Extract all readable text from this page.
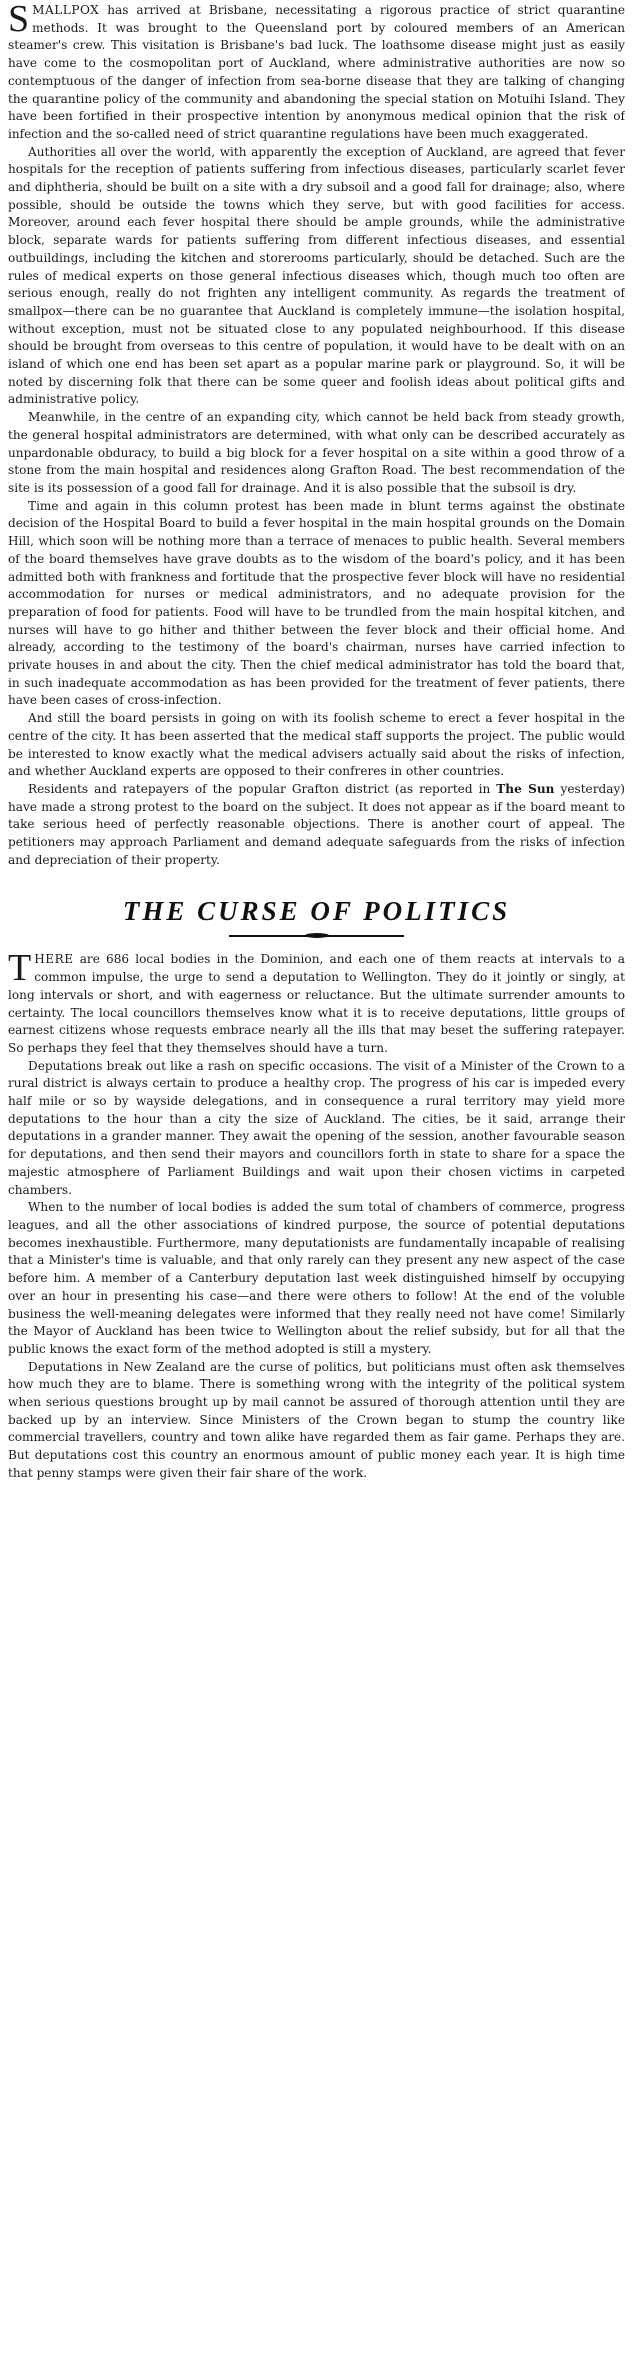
SMALLPOX has arrived at Brisbane, necessitating a rigorous practice of strict quarantine methods. It was brought to the Queensland port by coloured members of an American steamer's crew. This visitation is Brisbane's bad luck. The loathsome disease might just as easily have come to the cosmopolitan port of Auckland, where administrative authorities are now so contemptuous of the danger of infection from sea-borne disease that they are talking of changing the quarantine policy of the community and abandoning the special station on Motuihi Island. They have been fortified in their prospective intention by anonymous medical opinion that the risk of infection and the so-called need of strict quarantine regulations have been much exaggerated.

Authorities all over the world, with apparently the exception of Auckland, are agreed that fever hospitals for the reception of patients suffering from infectious diseases, particularly scarlet fever and diphtheria, should be built on a site with a dry subsoil and a good fall for drainage; also, where possible, should be outside the towns which they serve, but with good facilities for access. Moreover, around each fever hospital there should be ample grounds, while the administrative block, separate wards for patients suffering from different infectious diseases, and essential outbuildings, including the kitchen and storerooms particularly, should be detached. Such are the rules of medical experts on those general infectious diseases which, though much too often are serious enough, really do not frighten any intelligent community. As regards the treatment of smallpox—there can be no guarantee that Auckland is completely immune—the isolation hospital, without exception, must not be situated close to any populated neighbourhood. If this disease should be brought from overseas to this centre of population, it would have to be dealt with on an island of which one end has been set apart as a popular marine park or playground. So, it will be noted by discerning folk that there can be some queer and foolish ideas about political gifts and administrative policy.

Meanwhile, in the centre of an expanding city, which cannot be held back from steady growth, the general hospital administrators are determined, with what only can be described accurately as unpardonable obduracy, to build a big block for a fever hospital on a site within a good throw of a stone from the main hospital and residences along Grafton Road. The best recommendation of the site is its possession of a good fall for drainage. And it is also possible that the subsoil is dry.

Time and again in this column protest has been made in blunt terms against the obstinate decision of the Hospital Board to build a fever hospital in the main hospital grounds on the Domain Hill, which soon will be nothing more than a terrace of menaces to public health. Several members of the board themselves have grave doubts as to the wisdom of the board's policy, and it has been admitted both with frankness and fortitude that the prospective fever block will have no residential accommodation for nurses or medical administrators, and no adequate provision for the preparation of food for patients. Food will have to be trundled from the main hospital kitchen, and nurses will have to go hither and thither between the fever block and their official home. And already, according to the testimony of the board's chairman, nurses have carried infection to private houses in and about the city. Then the chief medical administrator has told the board that, in such inadequate accommodation as has been provided for the treatment of fever patients, there have been cases of cross-infection.

And still the board persists in going on with its foolish scheme to erect a fever hospital in the centre of the city. It has been asserted that the medical staff supports the project. The public would be interested to know exactly what the medical advisers actually said about the risks of infection, and whether Auckland experts are opposed to their confreres in other countries.

Residents and ratepayers of the popular Grafton district (as reported in The Sun yesterday) have made a strong protest to the board on the subject. It does not appear as if the board meant to take serious heed of perfectly reasonable objections. There is another court of appeal. The petitioners may approach Parliament and demand adequate safeguards from the risks of infection and depreciation of their property.

THE CURSE OF POLITICS

THERE are 686 local bodies in the Dominion, and each one of them reacts at intervals to a common impulse, the urge to send a deputation to Wellington. They do it jointly or singly, at long intervals or short, and with eagerness or reluctance. But the ultimate surrender amounts to certainty. The local councillors themselves know what it is to receive deputations, little groups of earnest citizens whose requests embrace nearly all the ills that may beset the suffering ratepayer. So perhaps they feel that they themselves should have a turn.

Deputations break out like a rash on specific occasions. The visit of a Minister of the Crown to a rural district is always certain to produce a healthy crop. The progress of his car is impeded every half mile or so by wayside delegations, and in consequence a rural territory may yield more deputations to the hour than a city the size of Auckland. The cities, be it said, arrange their deputations in a grander manner. They await the opening of the session, another favourable season for deputations, and then send their mayors and councillors forth in state to share for a space the majestic atmosphere of Parliament Buildings and wait upon their chosen victims in carpeted chambers.

When to the number of local bodies is added the sum total of chambers of commerce, progress leagues, and all the other associations of kindred purpose, the source of potential deputations becomes inexhaustible. Furthermore, many deputationists are fundamentally incapable of realising that a Minister's time is valuable, and that only rarely can they present any new aspect of the case before him. A member of a Canterbury deputation last week distinguished himself by occupying over an hour in presenting his case—and there were others to follow! At the end of the voluble business the well-meaning delegates were informed that they really need not have come! Similarly the Mayor of Auckland has been twice to Wellington about the relief subsidy, but for all that the public knows the exact form of the method adopted is still a mystery.

Deputations in New Zealand are the curse of politics, but politicians must often ask themselves how much they are to blame. There is something wrong with the integrity of the political system when serious questions brought up by mail cannot be assured of thorough attention until they are backed up by an interview. Since Ministers of the Crown began to stump the country like commercial travellers, country and town alike have regarded them as fair game. Perhaps they are. But deputations cost this country an enormous amount of public money each year. It is high time that penny stamps were given their fair share of the work.
